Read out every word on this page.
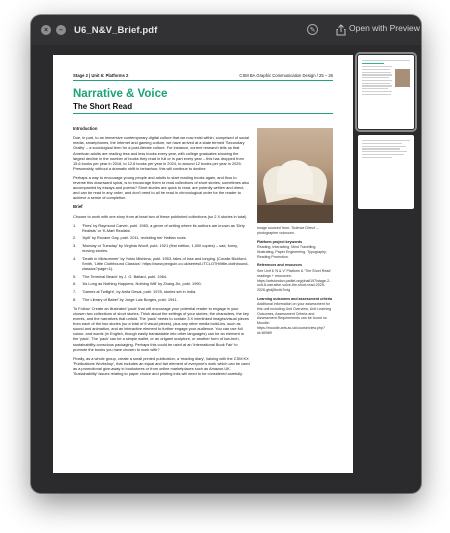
×	–	U6_N&V_Brief.pdf	✎	Open with Preview
Stage 2 | Unit 6: Platforms 2	CSM BA Graphic Communication Design / 25 – 26
Narrative & Voice
The Short Read
Introduction

Due, in part, to an immersive contemporary digital culture that we now exist within, comprised of social media, smartphones, the Internet and gaming culture, we have arrived at a state termed 'Secondary Orality' – a sociological term for a post-literate culture. For instance, current research tells us that American adults are reading less and less books every year, with college graduates showing the largest decline in the number of books they read in full or in part every year – this has dropped from 15.6 books per year in 2016, to 12.6 books per year in 2024, to around 12 books per year in 2025. Presumably, without a dramatic shift in behaviour, this will continue to decline.

Perhaps a way to encourage young people and adults to start reading books again, and thus to reverse this downward spiral, is to encourage them to read collections of short stories, sometimes also accompanied by essays and poems? Short stories are quick to read, are potently written and direct, and can be read in any order, and don't need to all be read in chronological order for the reader to achieve a sense of completion.

Brief

Choose to work with one story from at least two of these published collections (so 2 X stories in total)

1.	'Fires' by Raymond Carver, publ. 1983, a genre of writing where its authors are known as 'Dirty Realists' or 'K-Mart Realists'.
2.	'Ayiti' by Roxane Gay, publ. 2011, revisiting her Haitian roots.
3.	'Monday or Tuesday' by Virginia Woolf, publ. 1921 (first edition, 1,000 copies) – sad, funny, moving stories.
4.	'Death in Midsummer' by Yukio Mishima, publ. 1953, tales of loss and longing. [Coralie Bickford-Smith, 'Little Clothbound Classics': https://www.penguin.co.uk/series/LITCLOTH/little-clothbound-classics?page=1).
5.	'The Terminal Beach' by J. G. Ballard, publ. 1964.
6.	'As Long as Nothing Happens, Nothing Will' by Zhang Jie, publ. 1990.
7.	'Games at Twilight', by Anita Desai, publ. 1978, stories set in India.
8.	'The Library of Babel' by Jorge Luis Borges, publ. 1941.

To Follow: Create an illustrated 'pack' that will encourage your potential reader to engage in your chosen two collections of short stories. Think about the settings of your stories, the characters, the key events, and the narratives that unfold. The 'pack' needs to contain 3 X interlinked images/visual pieces from each of the two stories (so a total of 6 visual pieces), plus any other media build-ins, such as sound and animation, and an interactive element to further engage your audience. You can use full colour, and words (in English, though easily translatable into other languages) can be an element in the 'pack'. The 'pack' can be a simple wallet, or an origami sculpture, or another form of low-tech, sustainability-conscious packaging. Perhaps this could be used at an 'International Book Fair' to promote the books you have chosen to work with?

Finally, as a whole group, create a small printed publication, a 'reading diary', liaising with the CSM KX 'Publications Workshop', that includes an equal and fair element of everyone's work which can be used as a promotional give-away in bookstores or from online marketplaces such as Amazon.UK. 'Sustainability' issues relating to paper choice and printing inks will need to be considered carefully.

Image sourced from: 'Science Direct' – photographer unknown.

Platform project keywords

Reading, Interacting, Mind Travelling, Illustrating, Paper Engineering, Typography, Reading Promotion.

References and resources

See Unit 6 'N & V' Platform & 'The Short Read' readings + resources: https://artslondon.padlet.org/phall197/stage-2-unit-6-narrative-voice-the-short-read-2025-2026-gbdj5bctlx7mlg

Learning outcomes and assessment criteria

Additional information on your assessment for this unit including Unit Overview, Unit Learning Outcomes, Assessment Criteria and Assessment Requirements can be found on Moodle: https://moodle.arts.ac.uk/course/view.php?id=80989
